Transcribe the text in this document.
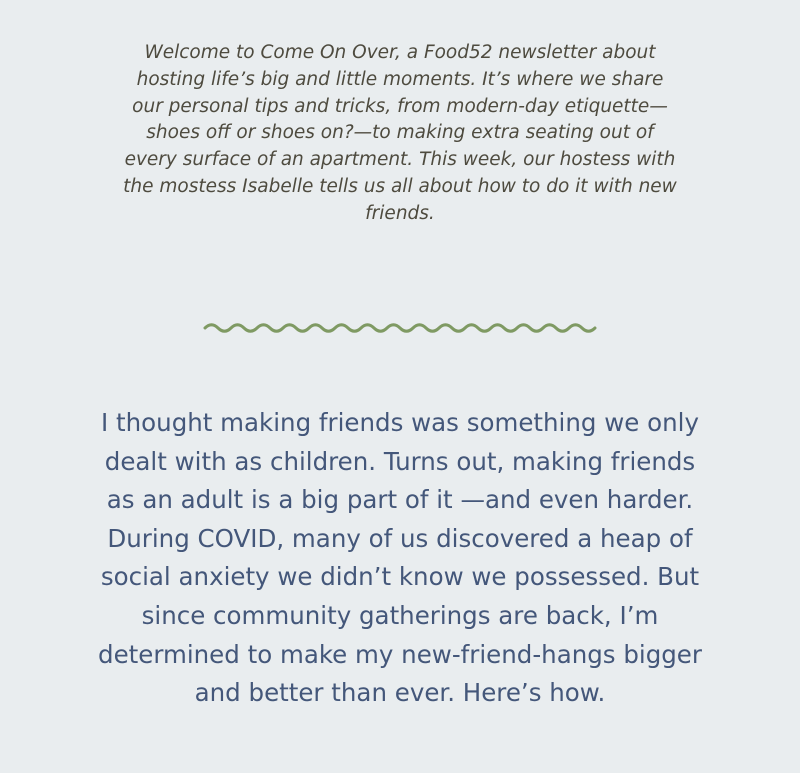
Welcome to Come On Over, a Food52 newsletter about hosting life’s big and little moments. It’s where we share our personal tips and tricks, from modern-day etiquette—shoes off or shoes on?—to making extra seating out of every surface of an apartment. This week, our hostess with the mostess Isabelle tells us all about how to do it with new friends.

I thought making friends was something we only dealt with as children. Turns out, making friends as an adult is a big part of it —and even harder. During COVID, many of us discovered a heap of social anxiety we didn’t know we possessed. But since community gatherings are back, I’m determined to make my new-friend-hangs bigger and better than ever. Here’s how.
